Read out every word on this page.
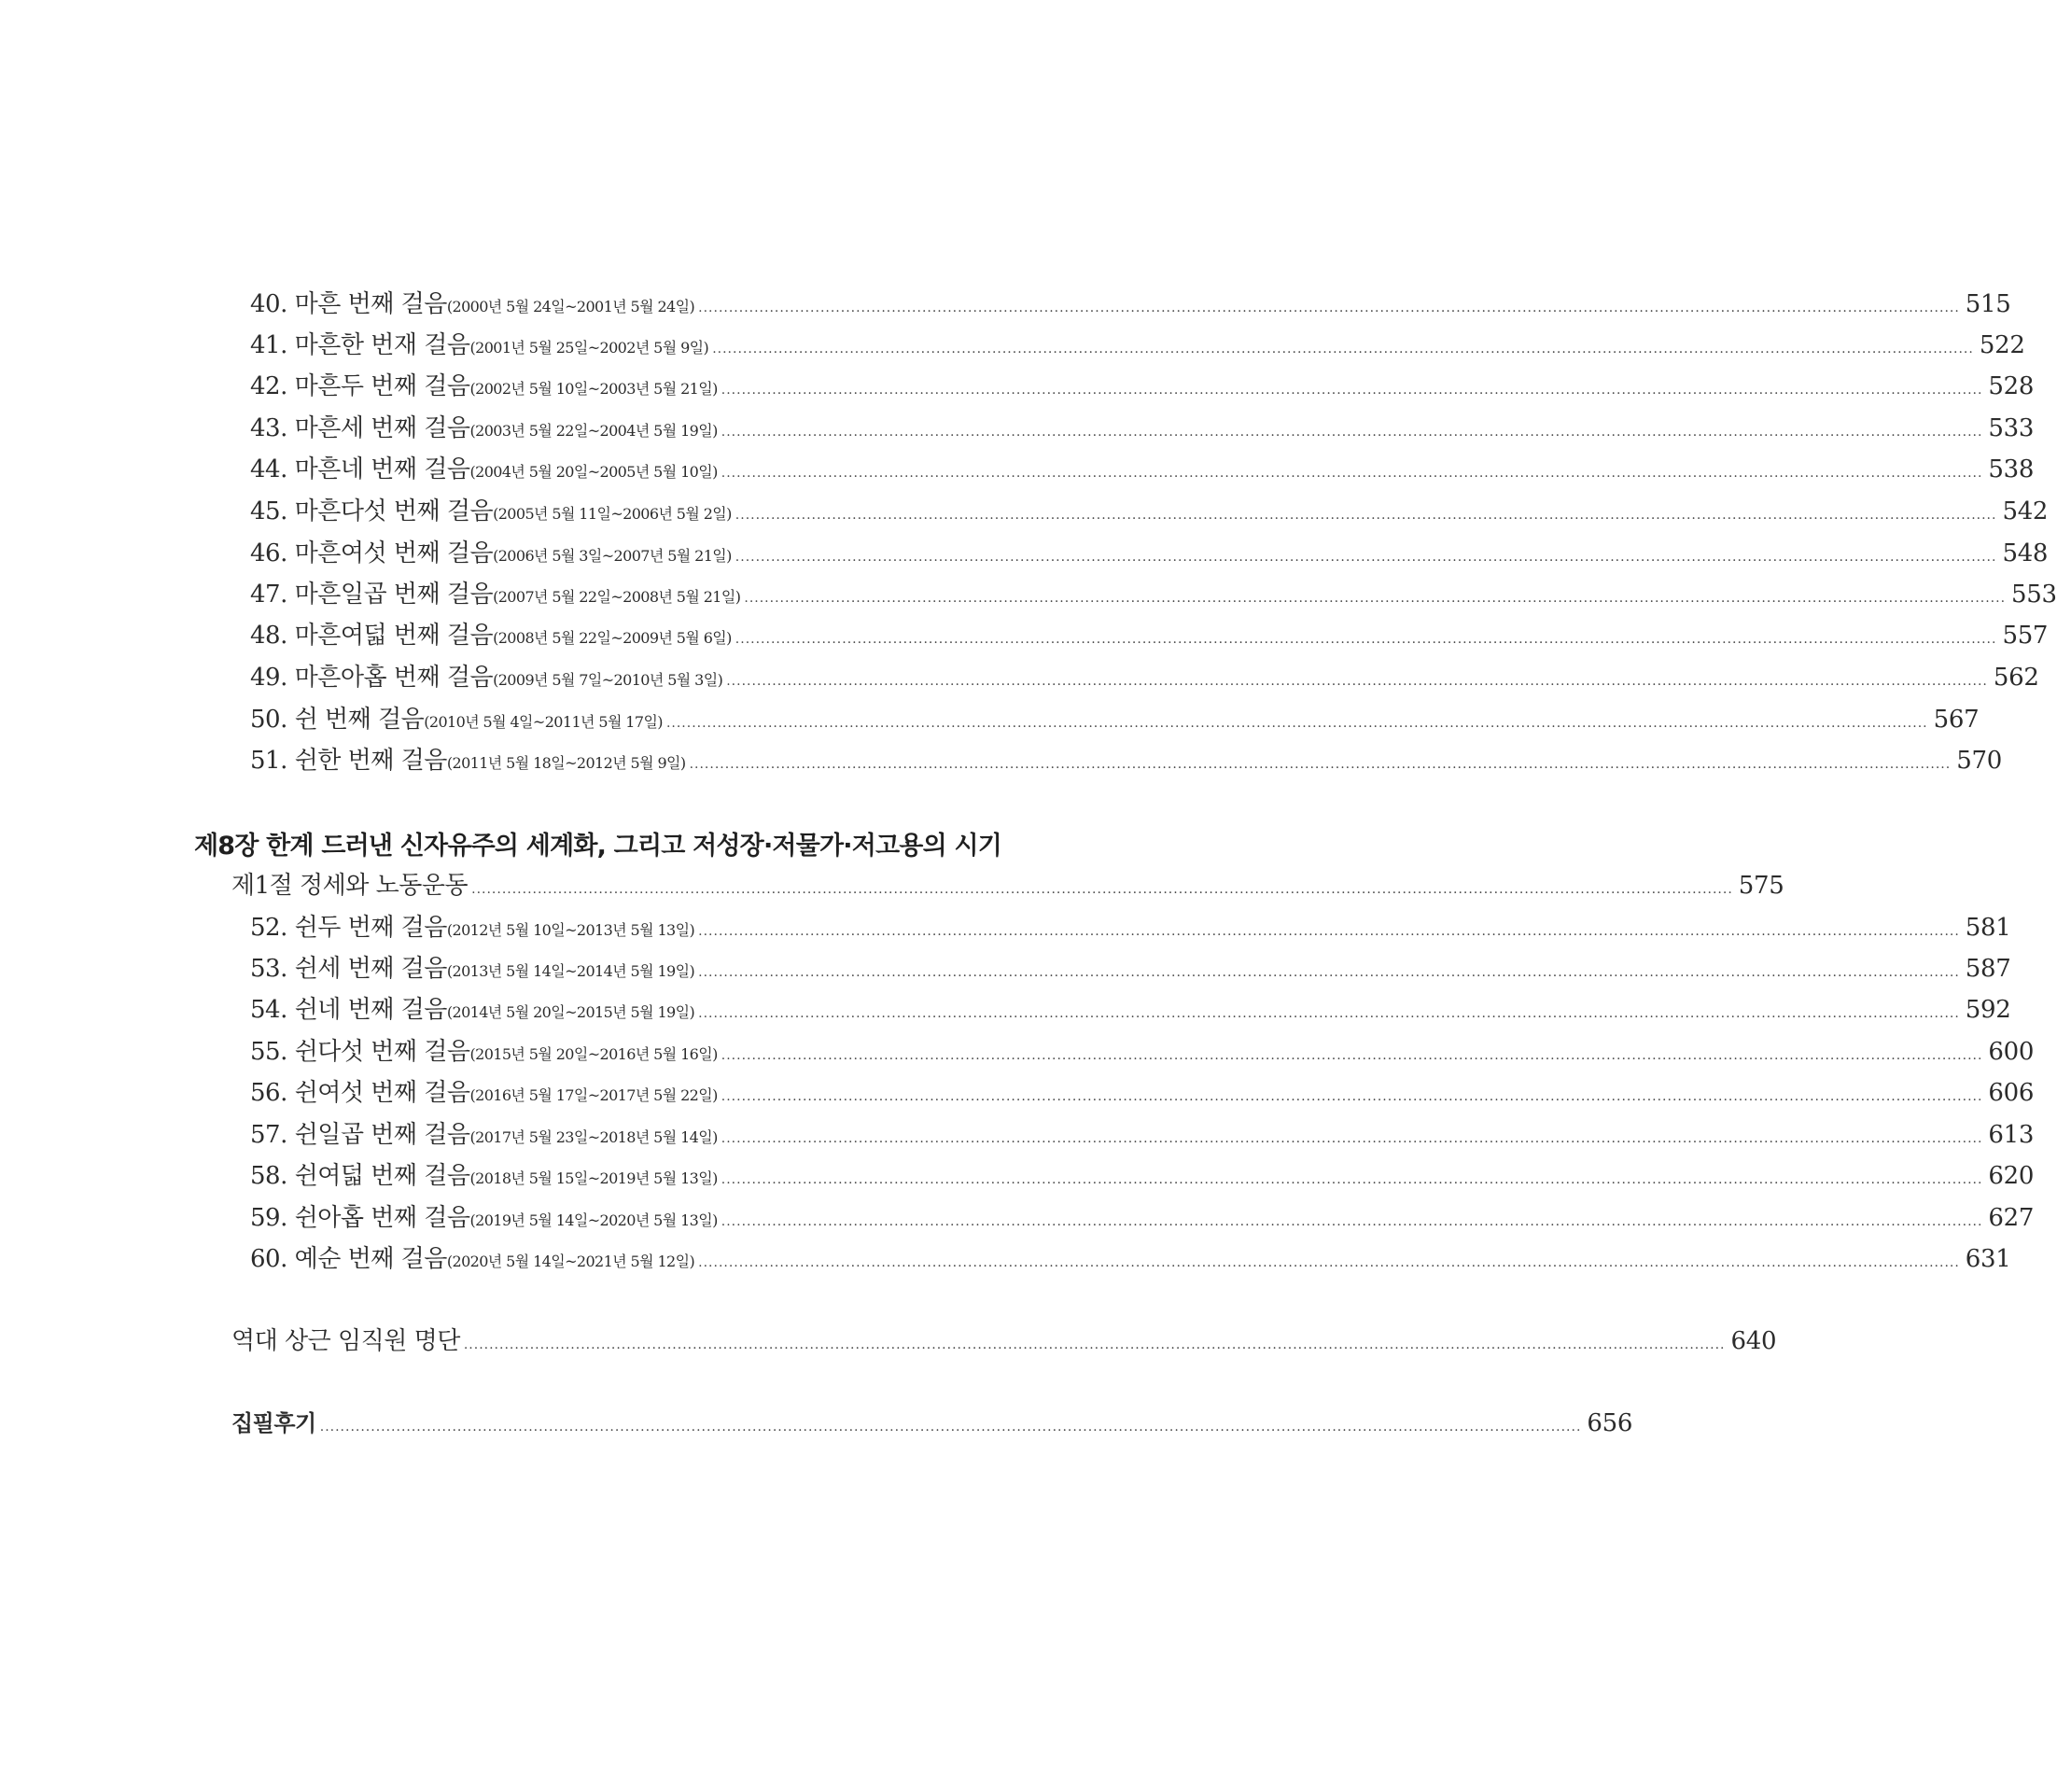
40. 마흔 번째 걸음 (2000년 5월 24일~2001년 5월 24일) ........................................................................................................................................................................................................................................................ 515
41. 마흔한 번재 걸음 (2001년 5월 25일~2002년 5월 9일) ........................................................................................................................................................................................................................................................ 522
42. 마흔두 번째 걸음 (2002년 5월 10일~2003년 5월 21일) ........................................................................................................................................................................................................................................................ 528
43. 마흔세 번째 걸음 (2003년 5월 22일~2004년 5월 19일) ........................................................................................................................................................................................................................................................ 533
44. 마흔네 번째 걸음 (2004년 5월 20일~2005년 5월 10일) ........................................................................................................................................................................................................................................................ 538
45. 마흔다섯 번째 걸음 (2005년 5월 11일~2006년 5월 2일) ........................................................................................................................................................................................................................................................ 542
46. 마흔여섯 번째 걸음 (2006년 5월 3일~2007년 5월 21일) ........................................................................................................................................................................................................................................................ 548
47. 마흔일곱 번째 걸음 (2007년 5월 22일~2008년 5월 21일) ........................................................................................................................................................................................................................................................ 553
48. 마흔여덟 번째 걸음 (2008년 5월 22일~2009년 5월 6일) ........................................................................................................................................................................................................................................................ 557
49. 마흔아홉 번째 걸음 (2009년 5월 7일~2010년 5월 3일) ........................................................................................................................................................................................................................................................ 562
50. 쉰 번째 걸음 (2010년 5월 4일~2011년 5월 17일) ........................................................................................................................................................................................................................................................ 567
51. 쉰한 번째 걸음 (2011년 5월 18일~2012년 5월 9일) ........................................................................................................................................................................................................................................................ 570
제8장 한계 드러낸 신자유주의 세계화, 그리고 저성장·저물가·저고용의 시기
제1절 정세와 노동운동 ........................................................................................................................................................................................................................................................ 575
52. 쉰두 번째 걸음 (2012년 5월 10일~2013년 5월 13일) ........................................................................................................................................................................................................................................................ 581
53. 쉰세 번째 걸음 (2013년 5월 14일~2014년 5월 19일) ........................................................................................................................................................................................................................................................ 587
54. 쉰네 번째 걸음 (2014년 5월 20일~2015년 5월 19일) ........................................................................................................................................................................................................................................................ 592
55. 쉰다섯 번째 걸음 (2015년 5월 20일~2016년 5월 16일) ........................................................................................................................................................................................................................................................ 600
56. 쉰여섯 번째 걸음 (2016년 5월 17일~2017년 5월 22일) ........................................................................................................................................................................................................................................................ 606
57. 쉰일곱 번째 걸음 (2017년 5월 23일~2018년 5월 14일) ........................................................................................................................................................................................................................................................ 613
58. 쉰여덟 번째 걸음 (2018년 5월 15일~2019년 5월 13일) ........................................................................................................................................................................................................................................................ 620
59. 쉰아홉 번째 걸음 (2019년 5월 14일~2020년 5월 13일) ........................................................................................................................................................................................................................................................ 627
60. 예순 번째 걸음 (2020년 5월 14일~2021년 5월 12일) ........................................................................................................................................................................................................................................................ 631
역대 상근 임직원 명단 ........................................................................................................................................................................................................................................................ 640
집필후기 ........................................................................................................................................................................................................................................................ 656
